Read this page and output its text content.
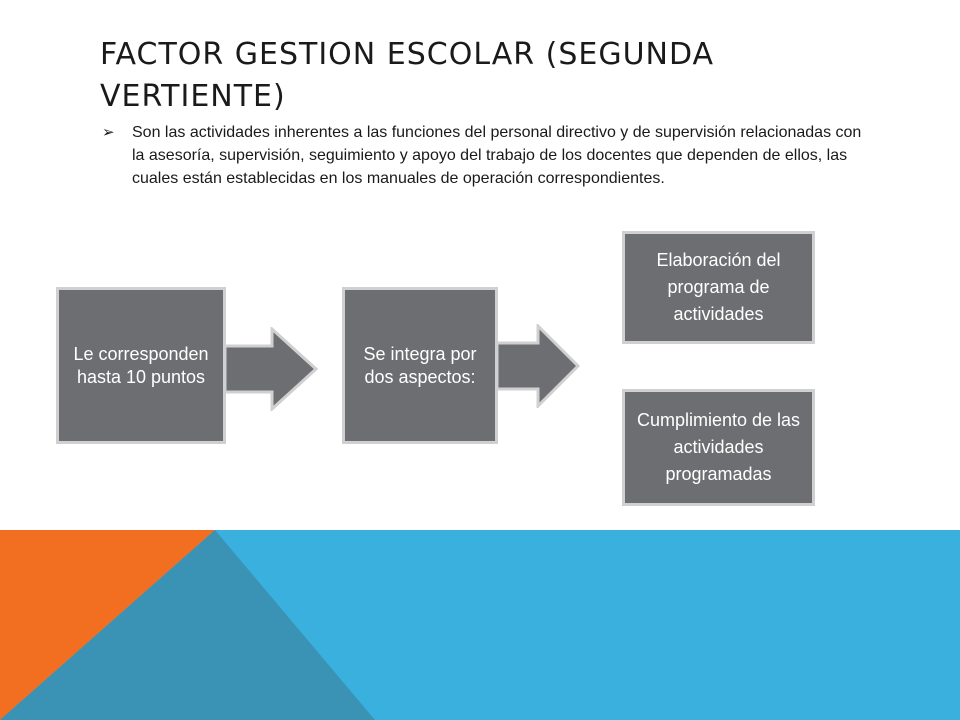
FACTOR GESTION ESCOLAR (SEGUNDA VERTIENTE)
➢	Son las actividades inherentes a las funciones del personal directivo y de supervisión relacionadas con la asesoría, supervisión, seguimiento y apoyo del trabajo de los docentes que dependen de ellos, las cuales están establecidas en los manuales de operación correspondientes.
Le corresponden hasta 10 puntos
Se integra por dos aspectos:
Elaboración del programa de actividades
Cumplimiento de las actividades programadas
